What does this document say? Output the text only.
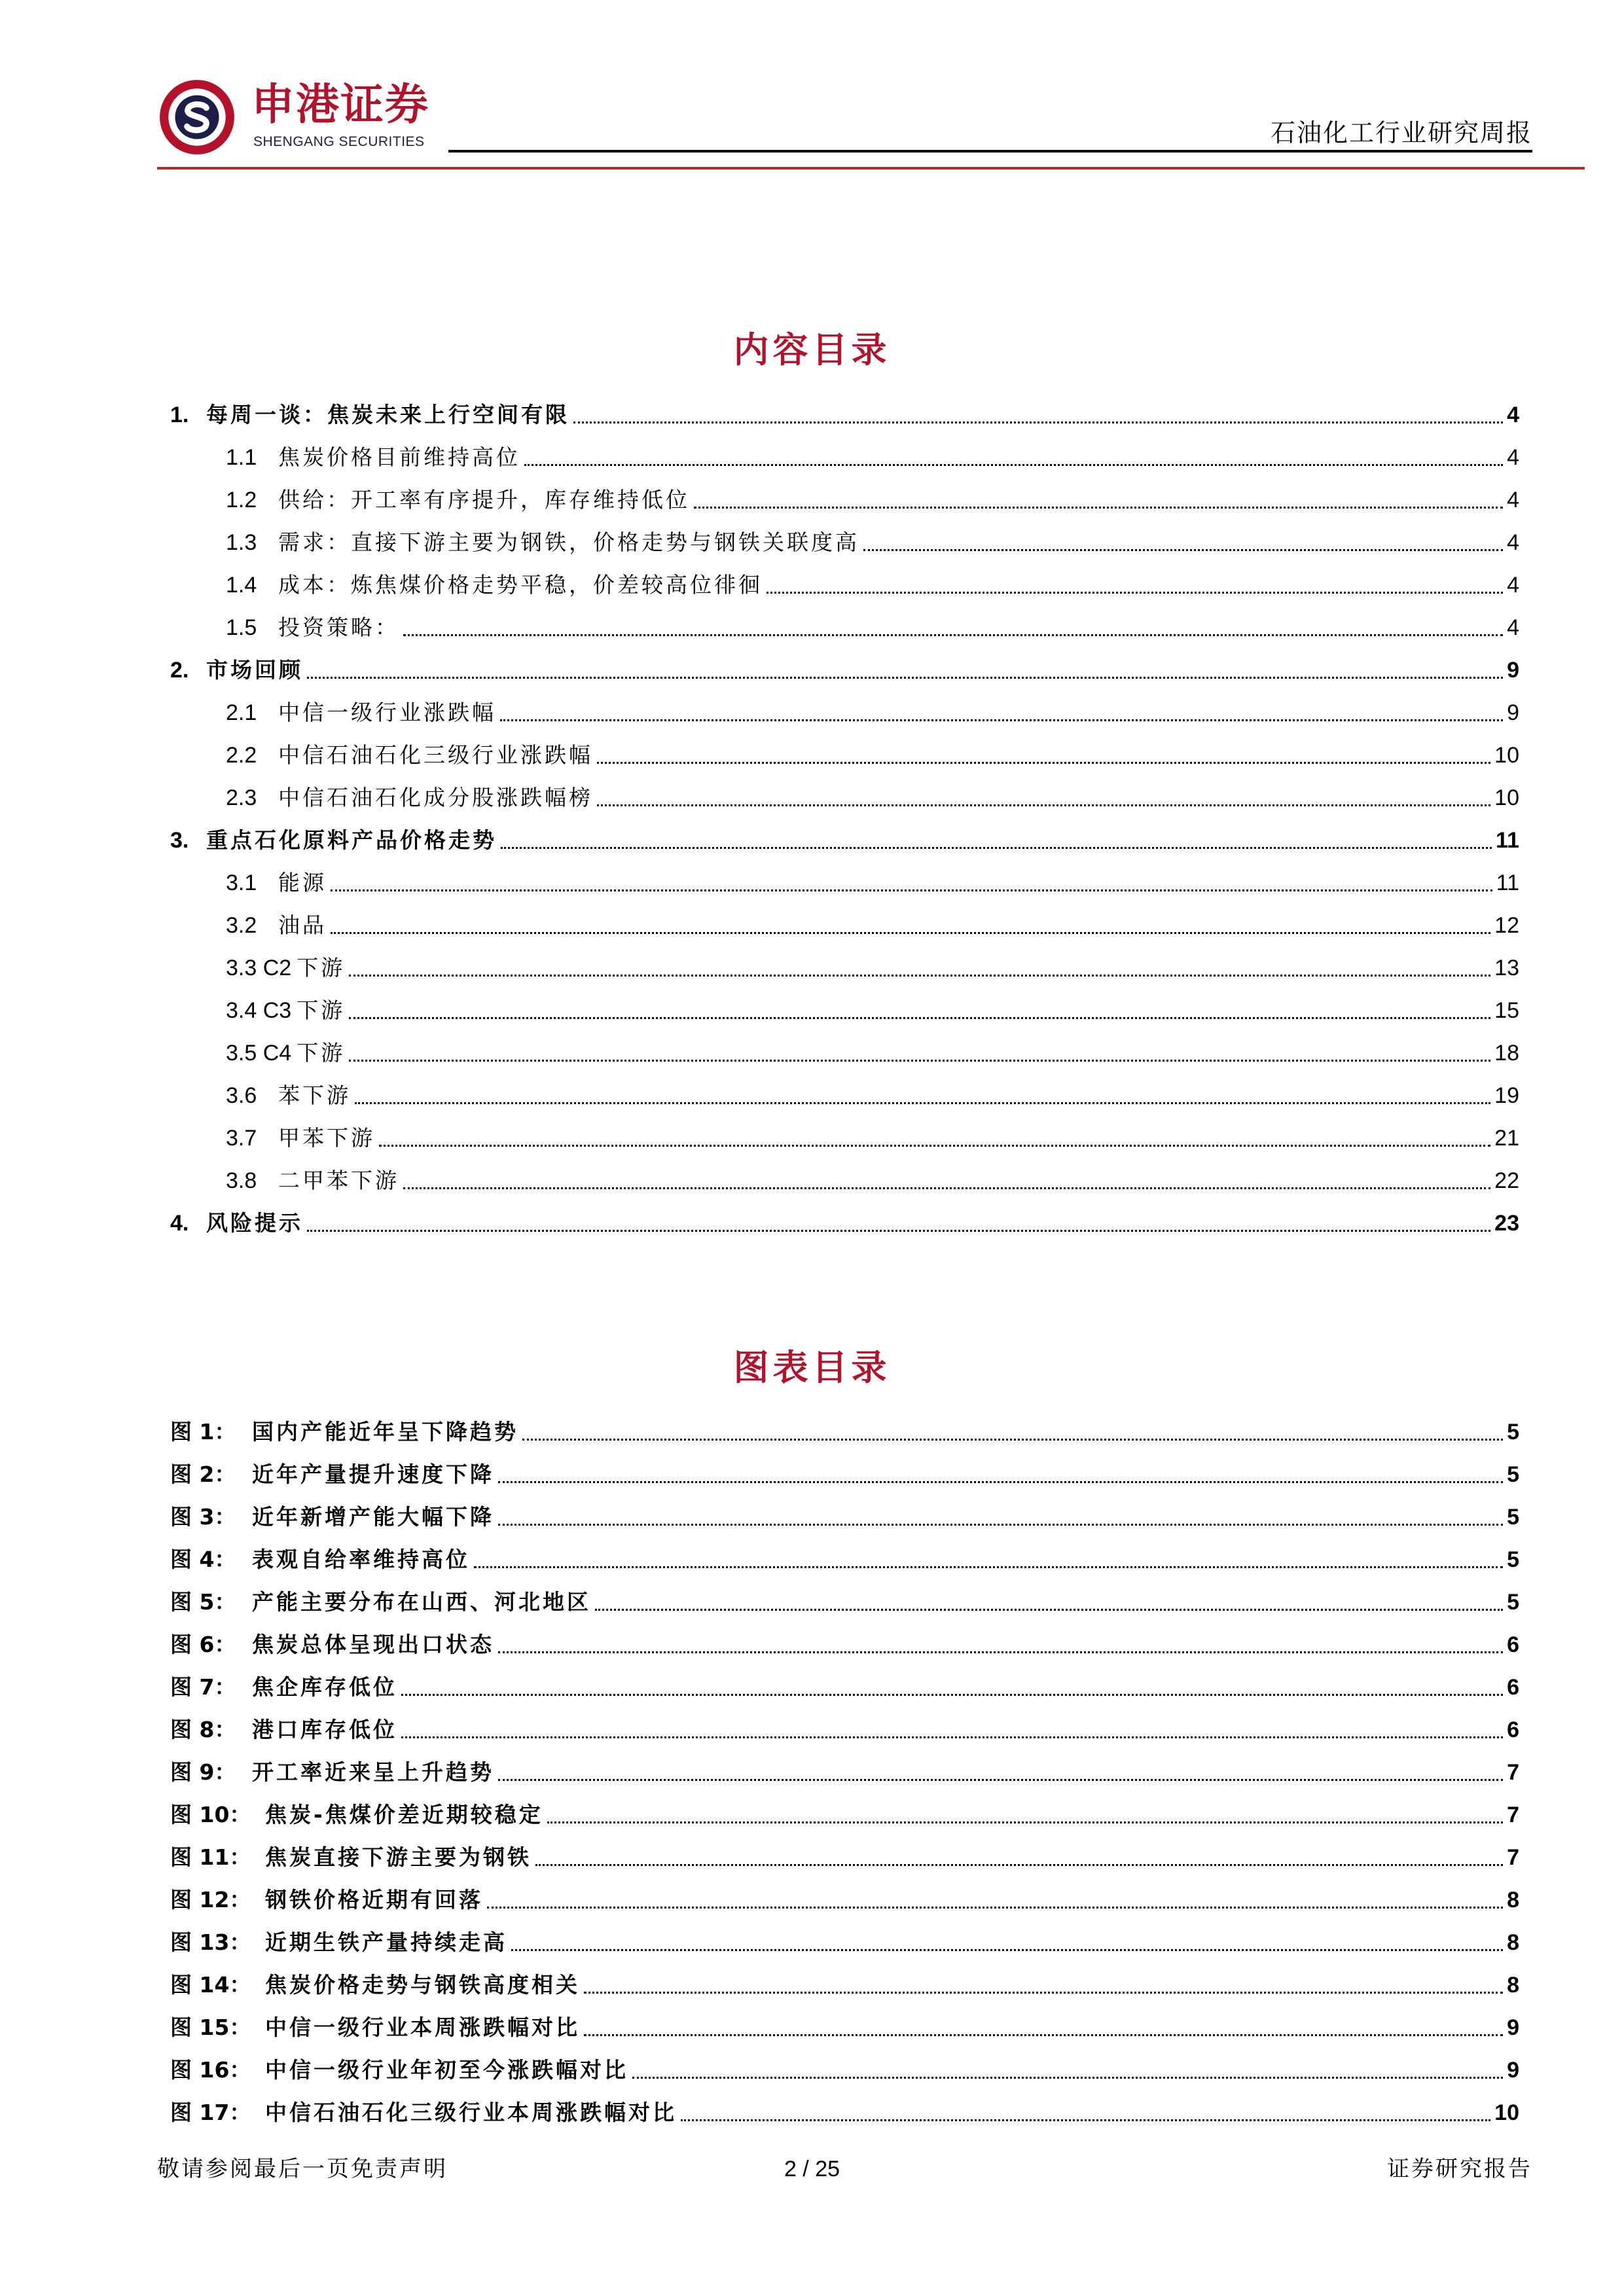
申港证券
SHENGANG SECURITIES	石油化工行业研究周报
内容目录
1. 每周一谈：焦炭未来上行空间有限	4
1.1 焦炭价格目前维持高位	4
1.2 供给：开工率有序提升，库存维持低位	4
1.3 需求：直接下游主要为钢铁，价格走势与钢铁关联度高	4
1.4 成本：炼焦煤价格走势平稳，价差较高位徘徊	4
1.5 投资策略：	4
2. 市场回顾	9
2.1 中信一级行业涨跌幅	9
2.2 中信石油石化三级行业涨跌幅	10
2.3 中信石油石化成分股涨跌幅榜	10
3. 重点石化原料产品价格走势	11
3.1 能源	11
3.2 油品	12
3.3 C2 下游	13
3.4 C3 下游	15
3.5 C4 下游	18
3.6 苯下游	19
3.7 甲苯下游	21
3.8 二甲苯下游	22
4. 风险提示	23
图表目录
图 1： 国内产能近年呈下降趋势	5
图 2： 近年产量提升速度下降	5
图 3： 近年新增产能大幅下降	5
图 4： 表观自给率维持高位	5
图 5： 产能主要分布在山西、河北地区	5
图 6： 焦炭总体呈现出口状态	6
图 7： 焦企库存低位	6
图 8： 港口库存低位	6
图 9： 开工率近来呈上升趋势	7
图 10： 焦炭-焦煤价差近期较稳定	7
图 11： 焦炭直接下游主要为钢铁	7
图 12： 钢铁价格近期有回落	8
图 13： 近期生铁产量持续走高	8
图 14： 焦炭价格走势与钢铁高度相关	8
图 15： 中信一级行业本周涨跌幅对比	9
图 16： 中信一级行业年初至今涨跌幅对比	9
图 17： 中信石油石化三级行业本周涨跌幅对比	10
敬请参阅最后一页免责声明	2 / 25	证券研究报告
